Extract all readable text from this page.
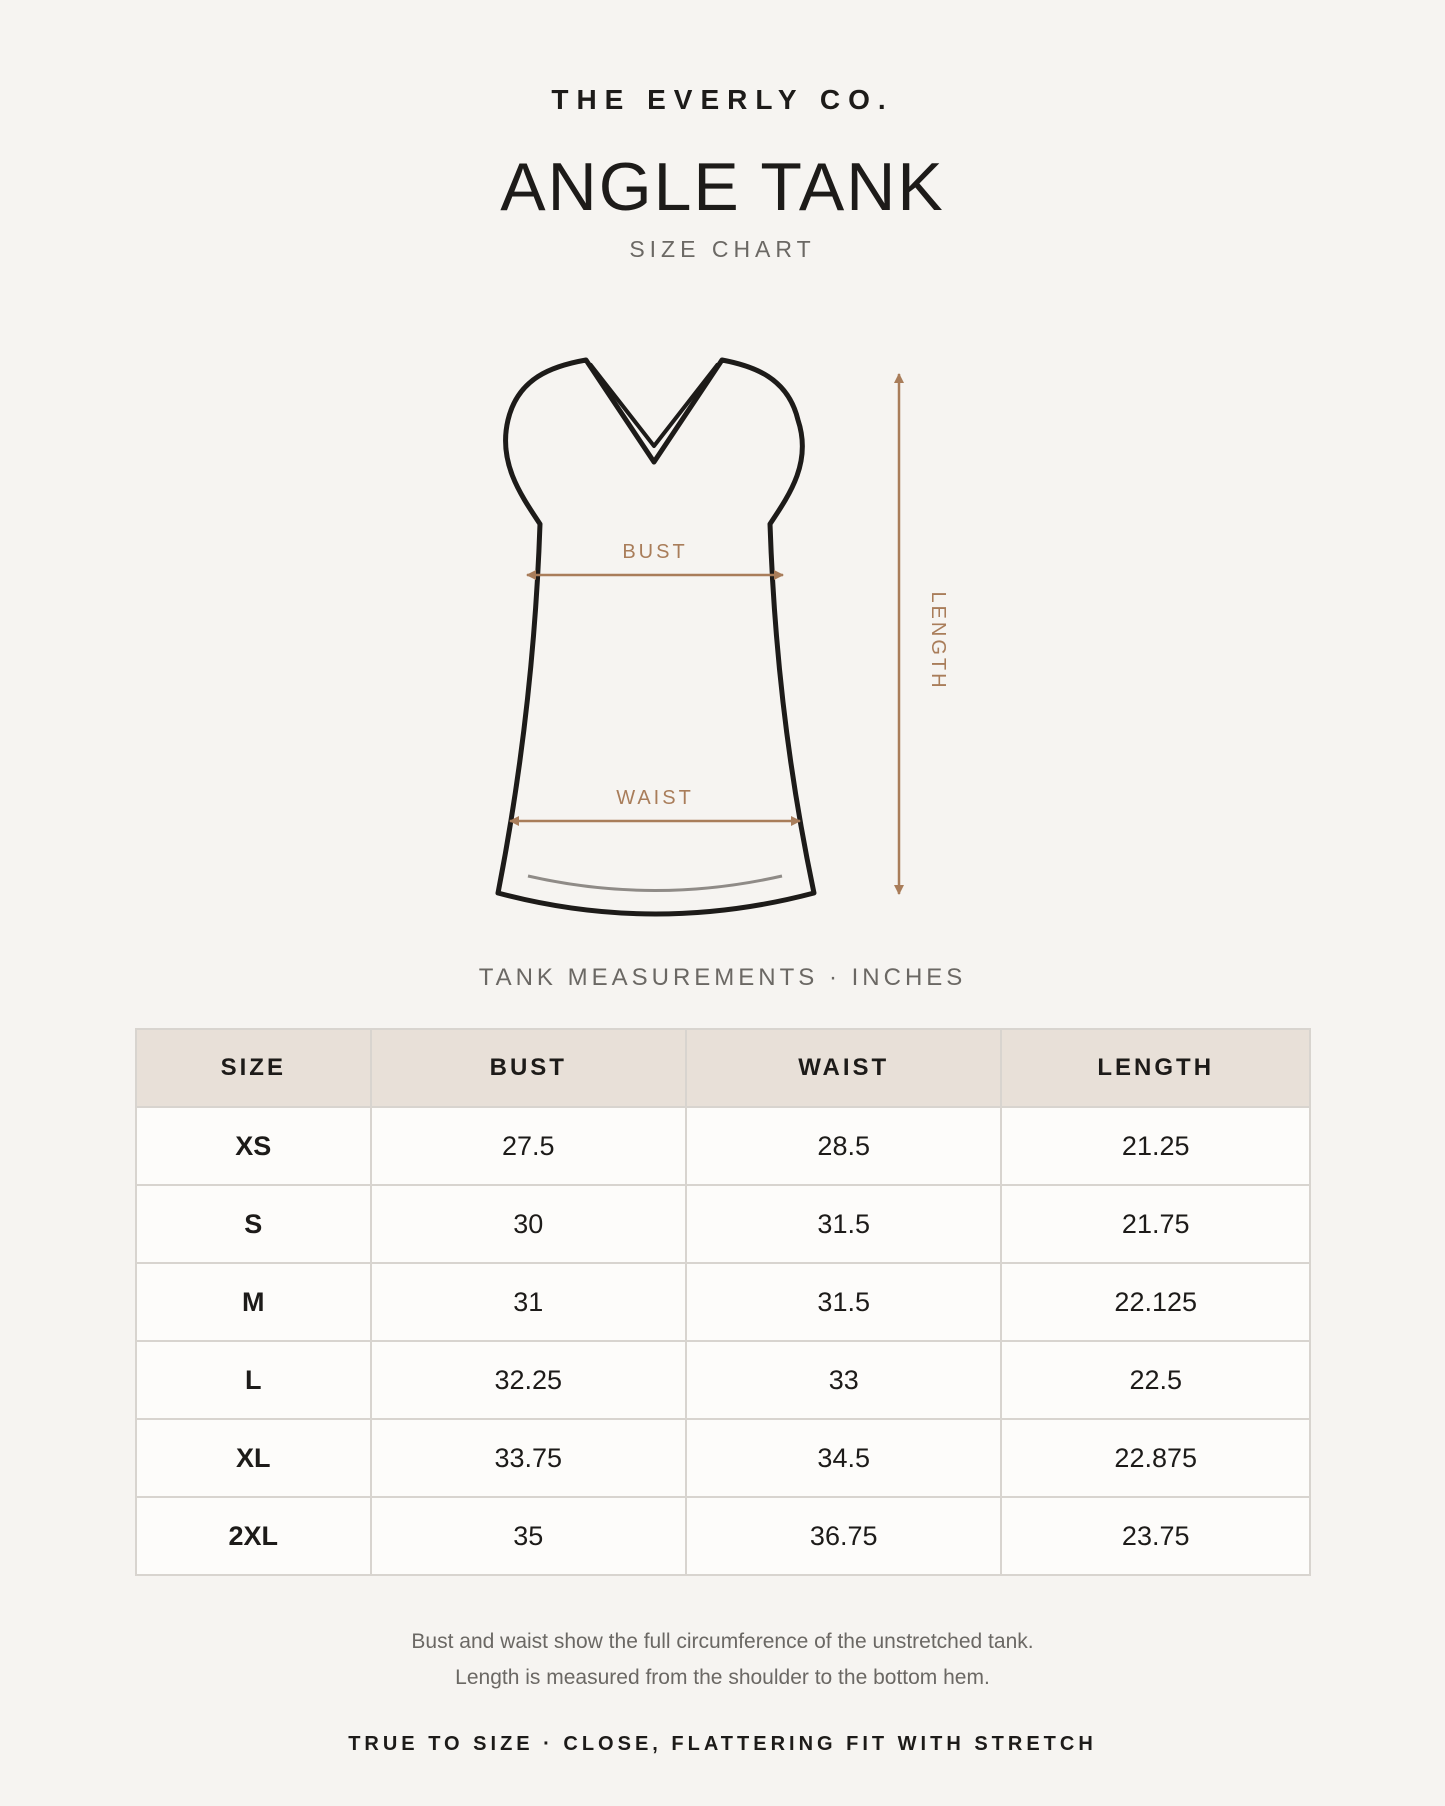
THE EVERLY CO.
ANGLE TANK
SIZE CHART
BUST
WAIST
LENGTH
TANK MEASUREMENTS · INCHES
SIZE	BUST	WAIST	LENGTH
XS	27.5	28.5	21.25
S	30	31.5	21.75
M	31	31.5	22.125
L	32.25	33	22.5
XL	33.75	34.5	22.875
2XL	35	36.75	23.75
Bust and waist show the full circumference of the unstretched tank.
Length is measured from the shoulder to the bottom hem.
TRUE TO SIZE · CLOSE, FLATTERING FIT WITH STRETCH
